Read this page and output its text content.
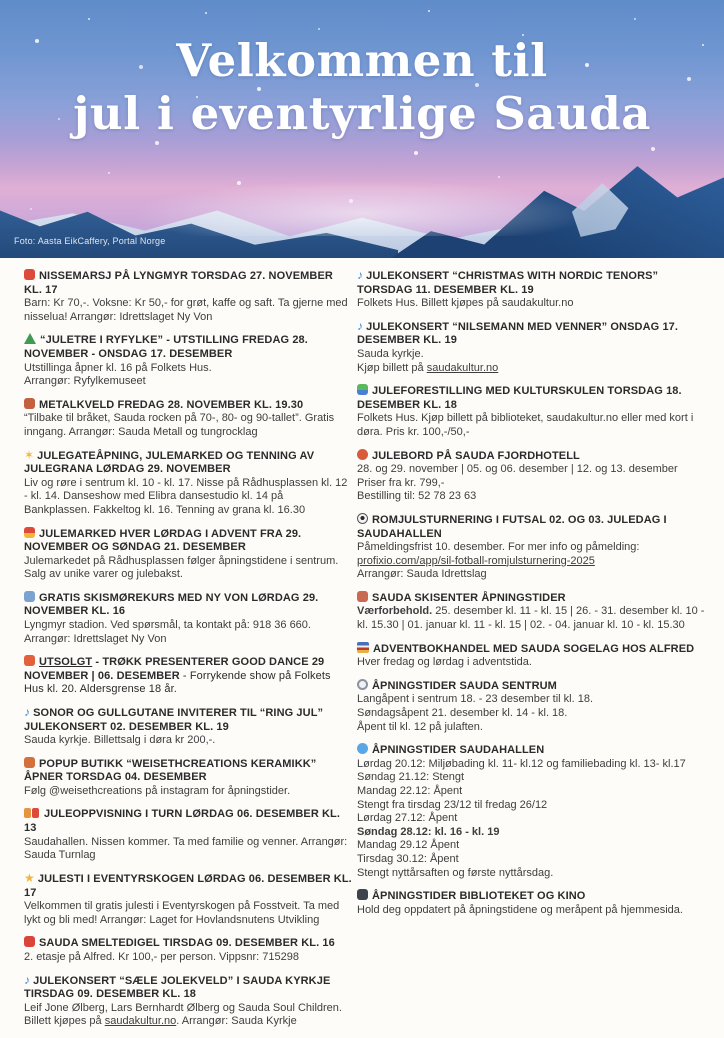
Velkommen til
jul i eventyrlige Sauda
Foto: Aasta EikCaffery, Portal Norge
NISSEMARSJ PÅ LYNGMYR TORSDAG 27. NOVEMBER KL. 17
Barn: Kr 70,-. Voksne: Kr 50,- for grøt, kaffe og saft. Ta gjerne med nisselua! Arrangør: Idrettslaget Ny Von
“JULETRE I RYFYLKE” - UTSTILLING FREDAG 28. NOVEMBER - ONSDAG 17. DESEMBER
Utstillinga åpner kl. 16 på Folkets Hus.
Arrangør: Ryfylkemuseet
METALKVELD FREDAG 28. NOVEMBER KL. 19.30
“Tilbake til bråket, Sauda rocken på 70-, 80- og 90-tallet”. Gratis inngang. Arrangør: Sauda Metall og tungrocklag
✶ JULEGATEÅPNING, JULEMARKED OG TENNING AV JULEGRANA LØRDAG 29. NOVEMBER
Liv og røre i sentrum kl. 10 - kl. 17. Nisse på Rådhusplassen kl. 12 - kl. 14. Danseshow med Elibra dansestudio kl. 14 på Bankplassen. Fakkeltog kl. 16. Tenning av grana kl. 16.30
JULEMARKED HVER LØRDAG I ADVENT FRA 29. NOVEMBER OG SØNDAG 21. DESEMBER
Julemarkedet på Rådhusplassen følger åpningstidene i sentrum.
Salg av unike varer og julebakst.
GRATIS SKISMØREKURS MED NY VON LØRDAG 29. NOVEMBER KL. 16
Lyngmyr stadion. Ved spørsmål, ta kontakt på: 918 36 660.
Arrangør: Idrettslaget Ny Von
UTSOLGT - TRØKK PRESENTERER GOOD DANCE 29 NOVEMBER | 06. DESEMBER - Forrykende show på Folkets Hus kl. 20. Aldersgrense 18 år.
♪ SONOR OG GULLGUTANE INVITERER TIL “RING JUL” JULEKONSERT 02. DESEMBER KL. 19
Sauda kyrkje. Billettsalg i døra kr 200,-.
POPUP BUTIKK “WEISETHCREATIONS KERAMIKK” ÅPNER TORSDAG 04. DESEMBER
Følg @weisethcreations på instagram for åpningstider.
JULEOPPVISNING I TURN LØRDAG 06. DESEMBER KL. 13
Saudahallen. Nissen kommer. Ta med familie og venner. Arrangør: Sauda Turnlag
★ JULESTI I EVENTYRSKOGEN LØRDAG 06. DESEMBER KL. 17
Velkommen til gratis julesti i Eventyrskogen på Fosstveit. Ta med lykt og bli med! Arrangør: Laget for Hovlandsnutens Utvikling
SAUDA SMELTEDIGEL TIRSDAG 09. DESEMBER KL. 16
2. etasje på Alfred. Kr 100,- per person. Vippsnr: 715298
♪ JULEKONSERT “SÆLE JOLEKVELD” I SAUDA KYRKJE TIRSDAG 09. DESEMBER KL. 18
Leif Jone Ølberg, Lars Bernhardt Ølberg og Sauda Soul Children. Billett kjøpes på saudakultur.no. Arrangør: Sauda Kyrkje
♪ JULEKONSERT “CHRISTMAS WITH NORDIC TENORS” TORSDAG 11. DESEMBER KL. 19
Folkets Hus. Billett kjøpes på saudakultur.no
♪ JULEKONSERT “NILSEMANN MED VENNER” ONSDAG 17. DESEMBER KL. 19
Sauda kyrkje.
Kjøp billett på saudakultur.no
JULEFORESTILLING MED KULTURSKULEN TORSDAG 18. DESEMBER KL. 18
Folkets Hus. Kjøp billett på biblioteket, saudakultur.no eller med kort i døra. Pris kr. 100,-/50,-
JULEBORD PÅ SAUDA FJORDHOTELL
28. og 29. november | 05. og 06. desember | 12. og 13. desember
Priser fra kr. 799,-
Bestilling til: 52 78 23 63
ROMJULSTURNERING I FUTSAL 02. OG 03. JULEDAG I SAUDAHALLEN
Påmeldingsfrist 10. desember. For mer info og påmelding:
profixio.com/app/sil-fotball-romjulsturnering-2025
Arrangør: Sauda Idrettslag
SAUDA SKISENTER ÅPNINGSTIDER
Værforbehold. 25. desember kl. 11 - kl. 15 | 26. - 31. desember kl. 10 - kl. 15.30 | 01. januar kl. 11 - kl. 15 | 02. - 04. januar kl. 10 - kl. 15.30
ADVENTBOKHANDEL MED SAUDA SOGELAG HOS ALFRED
Hver fredag og lørdag i adventstida.
ÅPNINGSTIDER SAUDA SENTRUM
Langåpent i sentrum 18. - 23 desember til kl. 18.
Søndagsåpent 21. desember kl. 14 - kl. 18.
Åpent til kl. 12 på julaften.
ÅPNINGSTIDER SAUDAHALLEN
Lørdag 20.12: Miljøbading kl. 11- kl.12 og familiebading kl. 13- kl.17
Søndag 21.12: Stengt
Mandag 22.12: Åpent
Stengt fra tirsdag 23/12 til fredag 26/12
Lørdag 27.12: Åpent
Søndag 28.12: kl. 16 - kl. 19
Mandag 29.12 Åpent
Tirsdag 30.12: Åpent
Stengt nyttårsaften og første nyttårsdag.
ÅPNINGSTIDER BIBLIOTEKET OG KINO
Hold deg oppdatert på åpningstidene og meråpent på hjemmesida.
